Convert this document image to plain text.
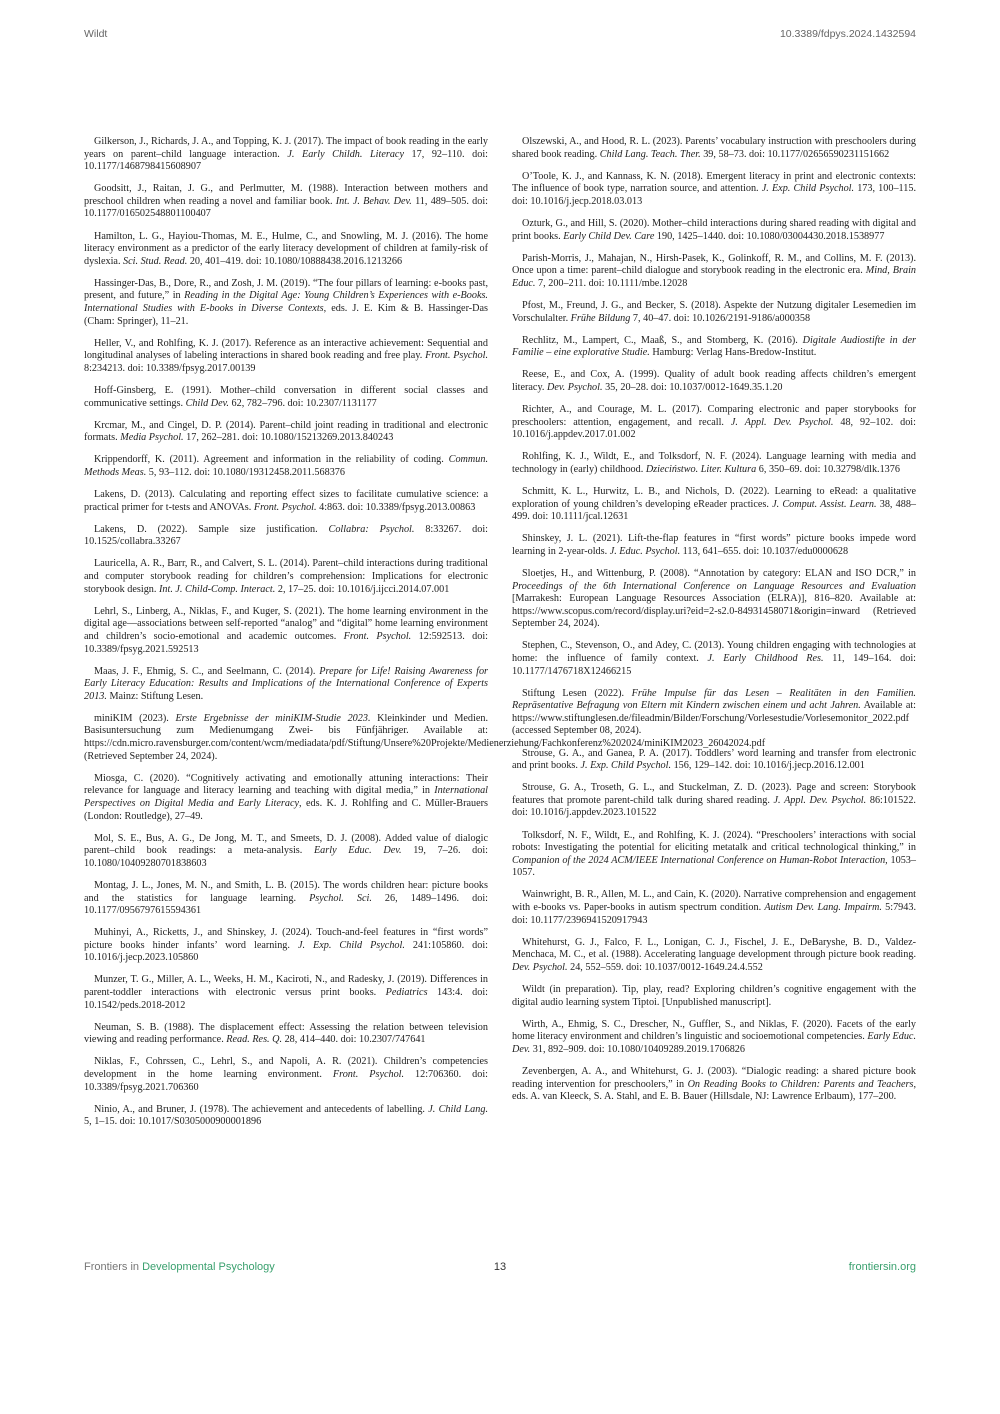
Wildt	10.3389/fdpys.2024.1432594

Gilkerson, J., Richards, J. A., and Topping, K. J. (2017). The impact of book reading in the early years on parent–child language interaction. J. Early Childh. Literacy 17, 92–110. doi: 10.1177/1468798415608907

Goodsitt, J., Raitan, J. G., and Perlmutter, M. (1988). Interaction between mothers and preschool children when reading a novel and familiar book. Int. J. Behav. Dev. 11, 489–505. doi: 10.1177/016502548801100407

Hamilton, L. G., Hayiou-Thomas, M. E., Hulme, C., and Snowling, M. J. (2016). The home literacy environment as a predictor of the early literacy development of children at family-risk of dyslexia. Sci. Stud. Read. 20, 401–419. doi: 10.1080/10888438.2016.1213266

Hassinger-Das, B., Dore, R., and Zosh, J. M. (2019). “The four pillars of learning: e-books past, present, and future,” in Reading in the Digital Age: Young Children’s Experiences with e-Books. International Studies with E-books in Diverse Contexts, eds. J. E. Kim & B. Hassinger-Das (Cham: Springer), 11–21.

Heller, V., and Rohlfing, K. J. (2017). Reference as an interactive achievement: Sequential and longitudinal analyses of labeling interactions in shared book reading and free play. Front. Psychol. 8:234213. doi: 10.3389/fpsyg.2017.00139

Hoff-Ginsberg, E. (1991). Mother–child conversation in different social classes and communicative settings. Child Dev. 62, 782–796. doi: 10.2307/1131177

Krcmar, M., and Cingel, D. P. (2014). Parent–child joint reading in traditional and electronic formats. Media Psychol. 17, 262–281. doi: 10.1080/15213269.2013.840243

Krippendorff, K. (2011). Agreement and information in the reliability of coding. Commun. Methods Meas. 5, 93–112. doi: 10.1080/19312458.2011.568376

Lakens, D. (2013). Calculating and reporting effect sizes to facilitate cumulative science: a practical primer for t-tests and ANOVAs. Front. Psychol. 4:863. doi: 10.3389/fpsyg.2013.00863

Lakens, D. (2022). Sample size justification. Collabra: Psychol. 8:33267. doi: 10.1525/collabra.33267

Lauricella, A. R., Barr, R., and Calvert, S. L. (2014). Parent–child interactions during traditional and computer storybook reading for children’s comprehension: Implications for electronic storybook design. Int. J. Child-Comp. Interact. 2, 17–25. doi: 10.1016/j.ijcci.2014.07.001

Lehrl, S., Linberg, A., Niklas, F., and Kuger, S. (2021). The home learning environment in the digital age—associations between self-reported “analog” and “digital” home learning environment and children’s socio-emotional and academic outcomes. Front. Psychol. 12:592513. doi: 10.3389/fpsyg.2021.592513

Maas, J. F., Ehmig, S. C., and Seelmann, C. (2014). Prepare for Life! Raising Awareness for Early Literacy Education: Results and Implications of the International Conference of Experts 2013. Mainz: Stiftung Lesen.

miniKIM (2023). Erste Ergebnisse der miniKIM-Studie 2023. Kleinkinder und Medien. Basisuntersuchung zum Medienumgang Zwei- bis Fünfjähriger. Available at: https://cdn.micro.ravensburger.com/content/wcm/mediadata/pdf/Stiftung/Unsere%20Projekte/Medienerziehung/Fachkonferenz%202024/miniKIM2023_26042024.pdf (Retrieved September 24, 2024).

Miosga, C. (2020). “Cognitively activating and emotionally attuning interactions: Their relevance for language and literacy learning and teaching with digital media,” in International Perspectives on Digital Media and Early Literacy, eds. K. J. Rohlfing and C. Müller-Brauers (London: Routledge), 27–49.

Mol, S. E., Bus, A. G., De Jong, M. T., and Smeets, D. J. (2008). Added value of dialogic parent–child book readings: a meta-analysis. Early Educ. Dev. 19, 7–26. doi: 10.1080/10409280701838603

Montag, J. L., Jones, M. N., and Smith, L. B. (2015). The words children hear: picture books and the statistics for language learning. Psychol. Sci. 26, 1489–1496. doi: 10.1177/0956797615594361

Muhinyi, A., Ricketts, J., and Shinskey, J. (2024). Touch-and-feel features in “first words” picture books hinder infants’ word learning. J. Exp. Child Psychol. 241:105860. doi: 10.1016/j.jecp.2023.105860

Munzer, T. G., Miller, A. L., Weeks, H. M., Kaciroti, N., and Radesky, J. (2019). Differences in parent-toddler interactions with electronic versus print books. Pediatrics 143:4. doi: 10.1542/peds.2018-2012

Neuman, S. B. (1988). The displacement effect: Assessing the relation between television viewing and reading performance. Read. Res. Q. 28, 414–440. doi: 10.2307/747641

Niklas, F., Cohrssen, C., Lehrl, S., and Napoli, A. R. (2021). Children’s competencies development in the home learning environment. Front. Psychol. 12:706360. doi: 10.3389/fpsyg.2021.706360

Ninio, A., and Bruner, J. (1978). The achievement and antecedents of labelling. J. Child Lang. 5, 1–15. doi: 10.1017/S0305000900001896

Olszewski, A., and Hood, R. L. (2023). Parents’ vocabulary instruction with preschoolers during shared book reading. Child Lang. Teach. Ther. 39, 58–73. doi: 10.1177/02656590231151662

O’Toole, K. J., and Kannass, K. N. (2018). Emergent literacy in print and electronic contexts: The influence of book type, narration source, and attention. J. Exp. Child Psychol. 173, 100–115. doi: 10.1016/j.jecp.2018.03.013

Ozturk, G., and Hill, S. (2020). Mother–child interactions during shared reading with digital and print books. Early Child Dev. Care 190, 1425–1440. doi: 10.1080/03004430.2018.1538977

Parish-Morris, J., Mahajan, N., Hirsh-Pasek, K., Golinkoff, R. M., and Collins, M. F. (2013). Once upon a time: parent–child dialogue and storybook reading in the electronic era. Mind, Brain Educ. 7, 200–211. doi: 10.1111/mbe.12028

Pfost, M., Freund, J. G., and Becker, S. (2018). Aspekte der Nutzung digitaler Lesemedien im Vorschulalter. Frühe Bildung 7, 40–47. doi: 10.1026/2191-9186/a000358

Rechlitz, M., Lampert, C., Maaß, S., and Stomberg, K. (2016). Digitale Audiostifte in der Familie – eine explorative Studie. Hamburg: Verlag Hans-Bredow-Institut.

Reese, E., and Cox, A. (1999). Quality of adult book reading affects children’s emergent literacy. Dev. Psychol. 35, 20–28. doi: 10.1037/0012-1649.35.1.20

Richter, A., and Courage, M. L. (2017). Comparing electronic and paper storybooks for preschoolers: attention, engagement, and recall. J. Appl. Dev. Psychol. 48, 92–102. doi: 10.1016/j.appdev.2017.01.002

Rohlfing, K. J., Wildt, E., and Tolksdorf, N. F. (2024). Language learning with media and technology in (early) childhood. Dzieciństwo. Liter. Kultura 6, 350–69. doi: 10.32798/dlk.1376

Schmitt, K. L., Hurwitz, L. B., and Nichols, D. (2022). Learning to eRead: a qualitative exploration of young children’s developing eReader practices. J. Comput. Assist. Learn. 38, 488–499. doi: 10.1111/jcal.12631

Shinskey, J. L. (2021). Lift-the-flap features in “first words” picture books impede word learning in 2-year-olds. J. Educ. Psychol. 113, 641–655. doi: 10.1037/edu0000628

Sloetjes, H., and Wittenburg, P. (2008). “Annotation by category: ELAN and ISO DCR,” in Proceedings of the 6th International Conference on Language Resources and Evaluation [Marrakesh: European Language Resources Association (ELRA)], 816–820. Available at: https://www.scopus.com/record/display.uri?eid=2-s2.0-84931458071&origin=inward (Retrieved September 24, 2024).

Stephen, C., Stevenson, O., and Adey, C. (2013). Young children engaging with technologies at home: the influence of family context. J. Early Childhood Res. 11, 149–164. doi: 10.1177/1476718X12466215

Stiftung Lesen (2022). Frühe Impulse für das Lesen – Realitäten in den Familien. Repräsentative Befragung von Eltern mit Kindern zwischen einem und acht Jahren. Available at: https://www.stiftunglesen.de/fileadmin/Bilder/Forschung/Vorlesestudie/Vorlesemonitor_2022.pdf (accessed September 08, 2024).

Strouse, G. A., and Ganea, P. A. (2017). Toddlers’ word learning and transfer from electronic and print books. J. Exp. Child Psychol. 156, 129–142. doi: 10.1016/j.jecp.2016.12.001

Strouse, G. A., Troseth, G. L., and Stuckelman, Z. D. (2023). Page and screen: Storybook features that promote parent-child talk during shared reading. J. Appl. Dev. Psychol. 86:101522. doi: 10.1016/j.appdev.2023.101522

Tolksdorf, N. F., Wildt, E., and Rohlfing, K. J. (2024). “Preschoolers’ interactions with social robots: Investigating the potential for eliciting metatalk and critical technological thinking,” in Companion of the 2024 ACM/IEEE International Conference on Human-Robot Interaction, 1053–1057.

Wainwright, B. R., Allen, M. L., and Cain, K. (2020). Narrative comprehension and engagement with e-books vs. Paper-books in autism spectrum condition. Autism Dev. Lang. Impairm. 5:7943. doi: 10.1177/2396941520917943

Whitehurst, G. J., Falco, F. L., Lonigan, C. J., Fischel, J. E., DeBaryshe, B. D., Valdez-Menchaca, M. C., et al. (1988). Accelerating language development through picture book reading. Dev. Psychol. 24, 552–559. doi: 10.1037/0012-1649.24.4.552

Wildt (in preparation). Tip, play, read? Exploring children’s cognitive engagement with the digital audio learning system Tiptoi. [Unpublished manuscript].

Wirth, A., Ehmig, S. C., Drescher, N., Guffler, S., and Niklas, F. (2020). Facets of the early home literacy environment and children’s linguistic and socioemotional competencies. Early Educ. Dev. 31, 892–909. doi: 10.1080/10409289.2019.1706826

Zevenbergen, A. A., and Whitehurst, G. J. (2003). “Dialogic reading: a shared picture book reading intervention for preschoolers,” in On Reading Books to Children: Parents and Teachers, eds. A. van Kleeck, S. A. Stahl, and E. B. Bauer (Hillsdale, NJ: Lawrence Erlbaum), 177–200.

Frontiers in Developmental Psychology	13	frontiersin.org
